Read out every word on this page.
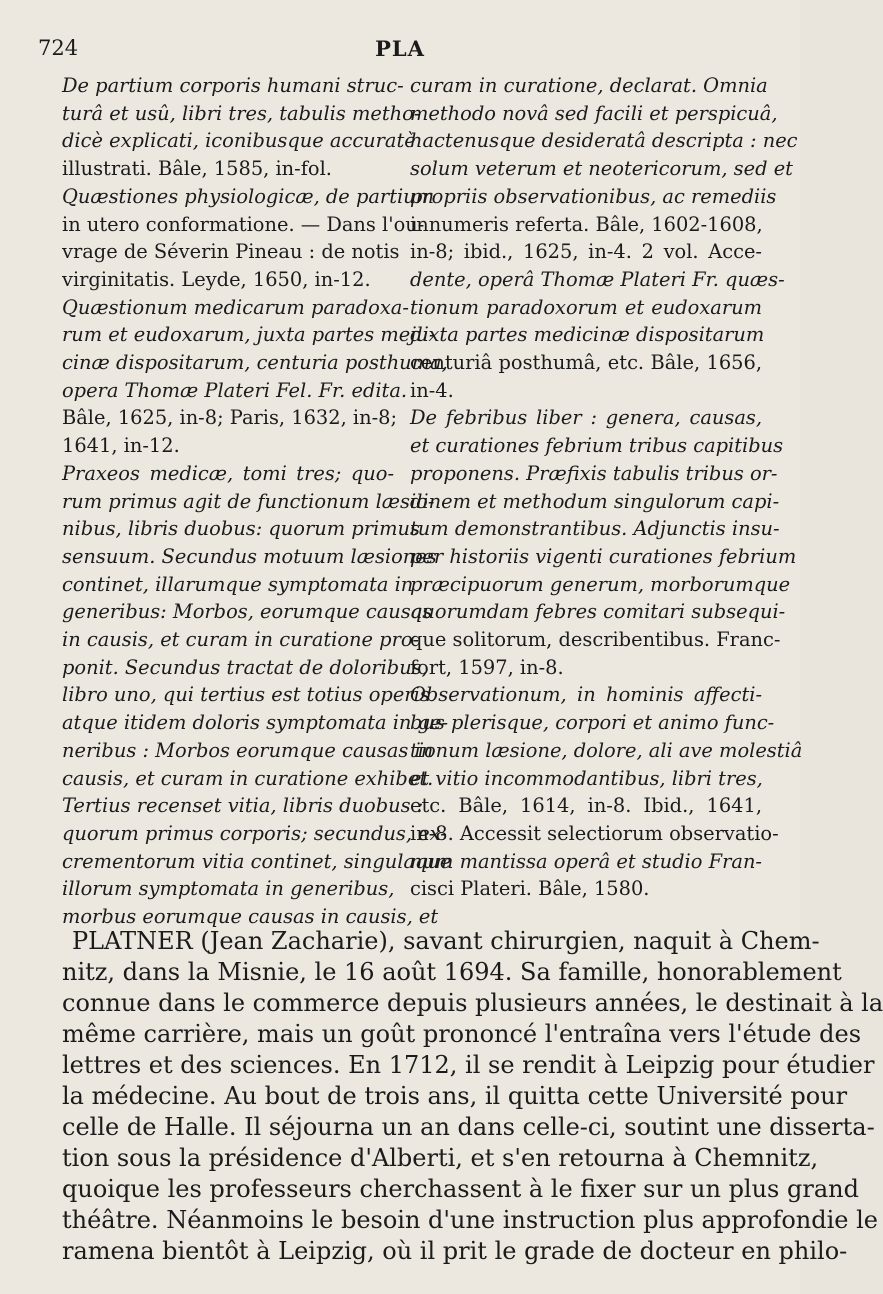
724	PLA
De partium corporis humani struc-
turâ et usû, libri tres, tabulis metho-
dicè explicati, iconibusque accuratè
illustrati. Bâle, 1585, in-fol.
Quæstiones physiologicæ, de partium
in utero conformatione. — Dans l'ou-
vrage de Séverin Pineau : de notis
virginitatis. Leyde, 1650, in-12.
Quæstionum medicarum paradoxa-
rum et eudoxarum, juxta partes medi-
cinæ dispositarum, centuria posthuma,
opera Thomæ Plateri Fel. Fr. edita.
Bâle, 1625, in-8; Paris, 1632, in-8;
1641, in-12.
Praxeos medicæ, tomi tres; quo-
rum primus agit de functionum læsio-
nibus, libris duobus: quorum primus
sensuum. Secundus motuum læsiones
continet, illarumque symptomata in
generibus: Morbos, eorumque causas
in causis, et curam in curatione pro-
ponit. Secundus tractat de doloribus,
libro uno, qui tertius est totius operis
atque itidem doloris symptomata in ge-
neribus : Morbos eorumque causas in
causis, et curam in curatione exhibet.
Tertius recenset vitia, libris duobus :
quorum primus corporis; secundus, ex-
crementorum vitia continet, singulaque
illorum symptomata in generibus,
morbus eorumque causas in causis, et
curam in curatione, declarat. Omnia
methodo novâ sed facili et perspicuâ,
hactenusque desideratâ descripta : nec
solum veterum et neotericorum, sed et
propriis observationibus, ac remediis
innumeris referta. Bâle, 1602-1608,
in-8; ibid., 1625, in-4. 2 vol. Acce-
dente, operâ Thomæ Plateri Fr. quæs-
tionum paradoxorum et eudoxarum
juxta partes medicinæ dispositarum
centuriâ posthumâ, etc. Bâle, 1656,
in-4.
De febribus liber : genera, causas,
et curationes febrium tribus capitibus
proponens. Præfixis tabulis tribus or-
dinem et methodum singulorum capi-
tum demonstrantibus. Adjunctis insu-
per historiis vigenti curationes febrium
præcipuorum generum, morborumque
quorumdam febres comitari subsequi-
que solitorum, describentibus. Franc-
fort, 1597, in-8.
Observationum, in hominis affecti-
bus plerisque, corpori et animo func-
tionum læsione, dolore, ali ave molestiâ
et vitio incommodantibus, libri tres,
etc. Bâle, 1614, in-8. Ibid., 1641,
in-8. Accessit selectiorum observatio-
num mantissa operâ et studio Fran-
cisci Plateri. Bâle, 1580.
PLATNER (Jean Zacharie), savant chirurgien, naquit à Chem-
nitz, dans la Misnie, le 16 août 1694. Sa famille, honorablement
connue dans le commerce depuis plusieurs années, le destinait à la
même carrière, mais un goût prononcé l'entraîna vers l'étude des
lettres et des sciences. En 1712, il se rendit à Leipzig pour étudier
la médecine. Au bout de trois ans, il quitta cette Université pour
celle de Halle. Il séjourna un an dans celle-ci, soutint une disserta-
tion sous la présidence d'Alberti, et s'en retourna à Chemnitz,
quoique les professeurs cherchassent à le fixer sur un plus grand
théâtre. Néanmoins le besoin d'une instruction plus approfondie le
ramena bientôt à Leipzig, où il prit le grade de docteur en philo-
